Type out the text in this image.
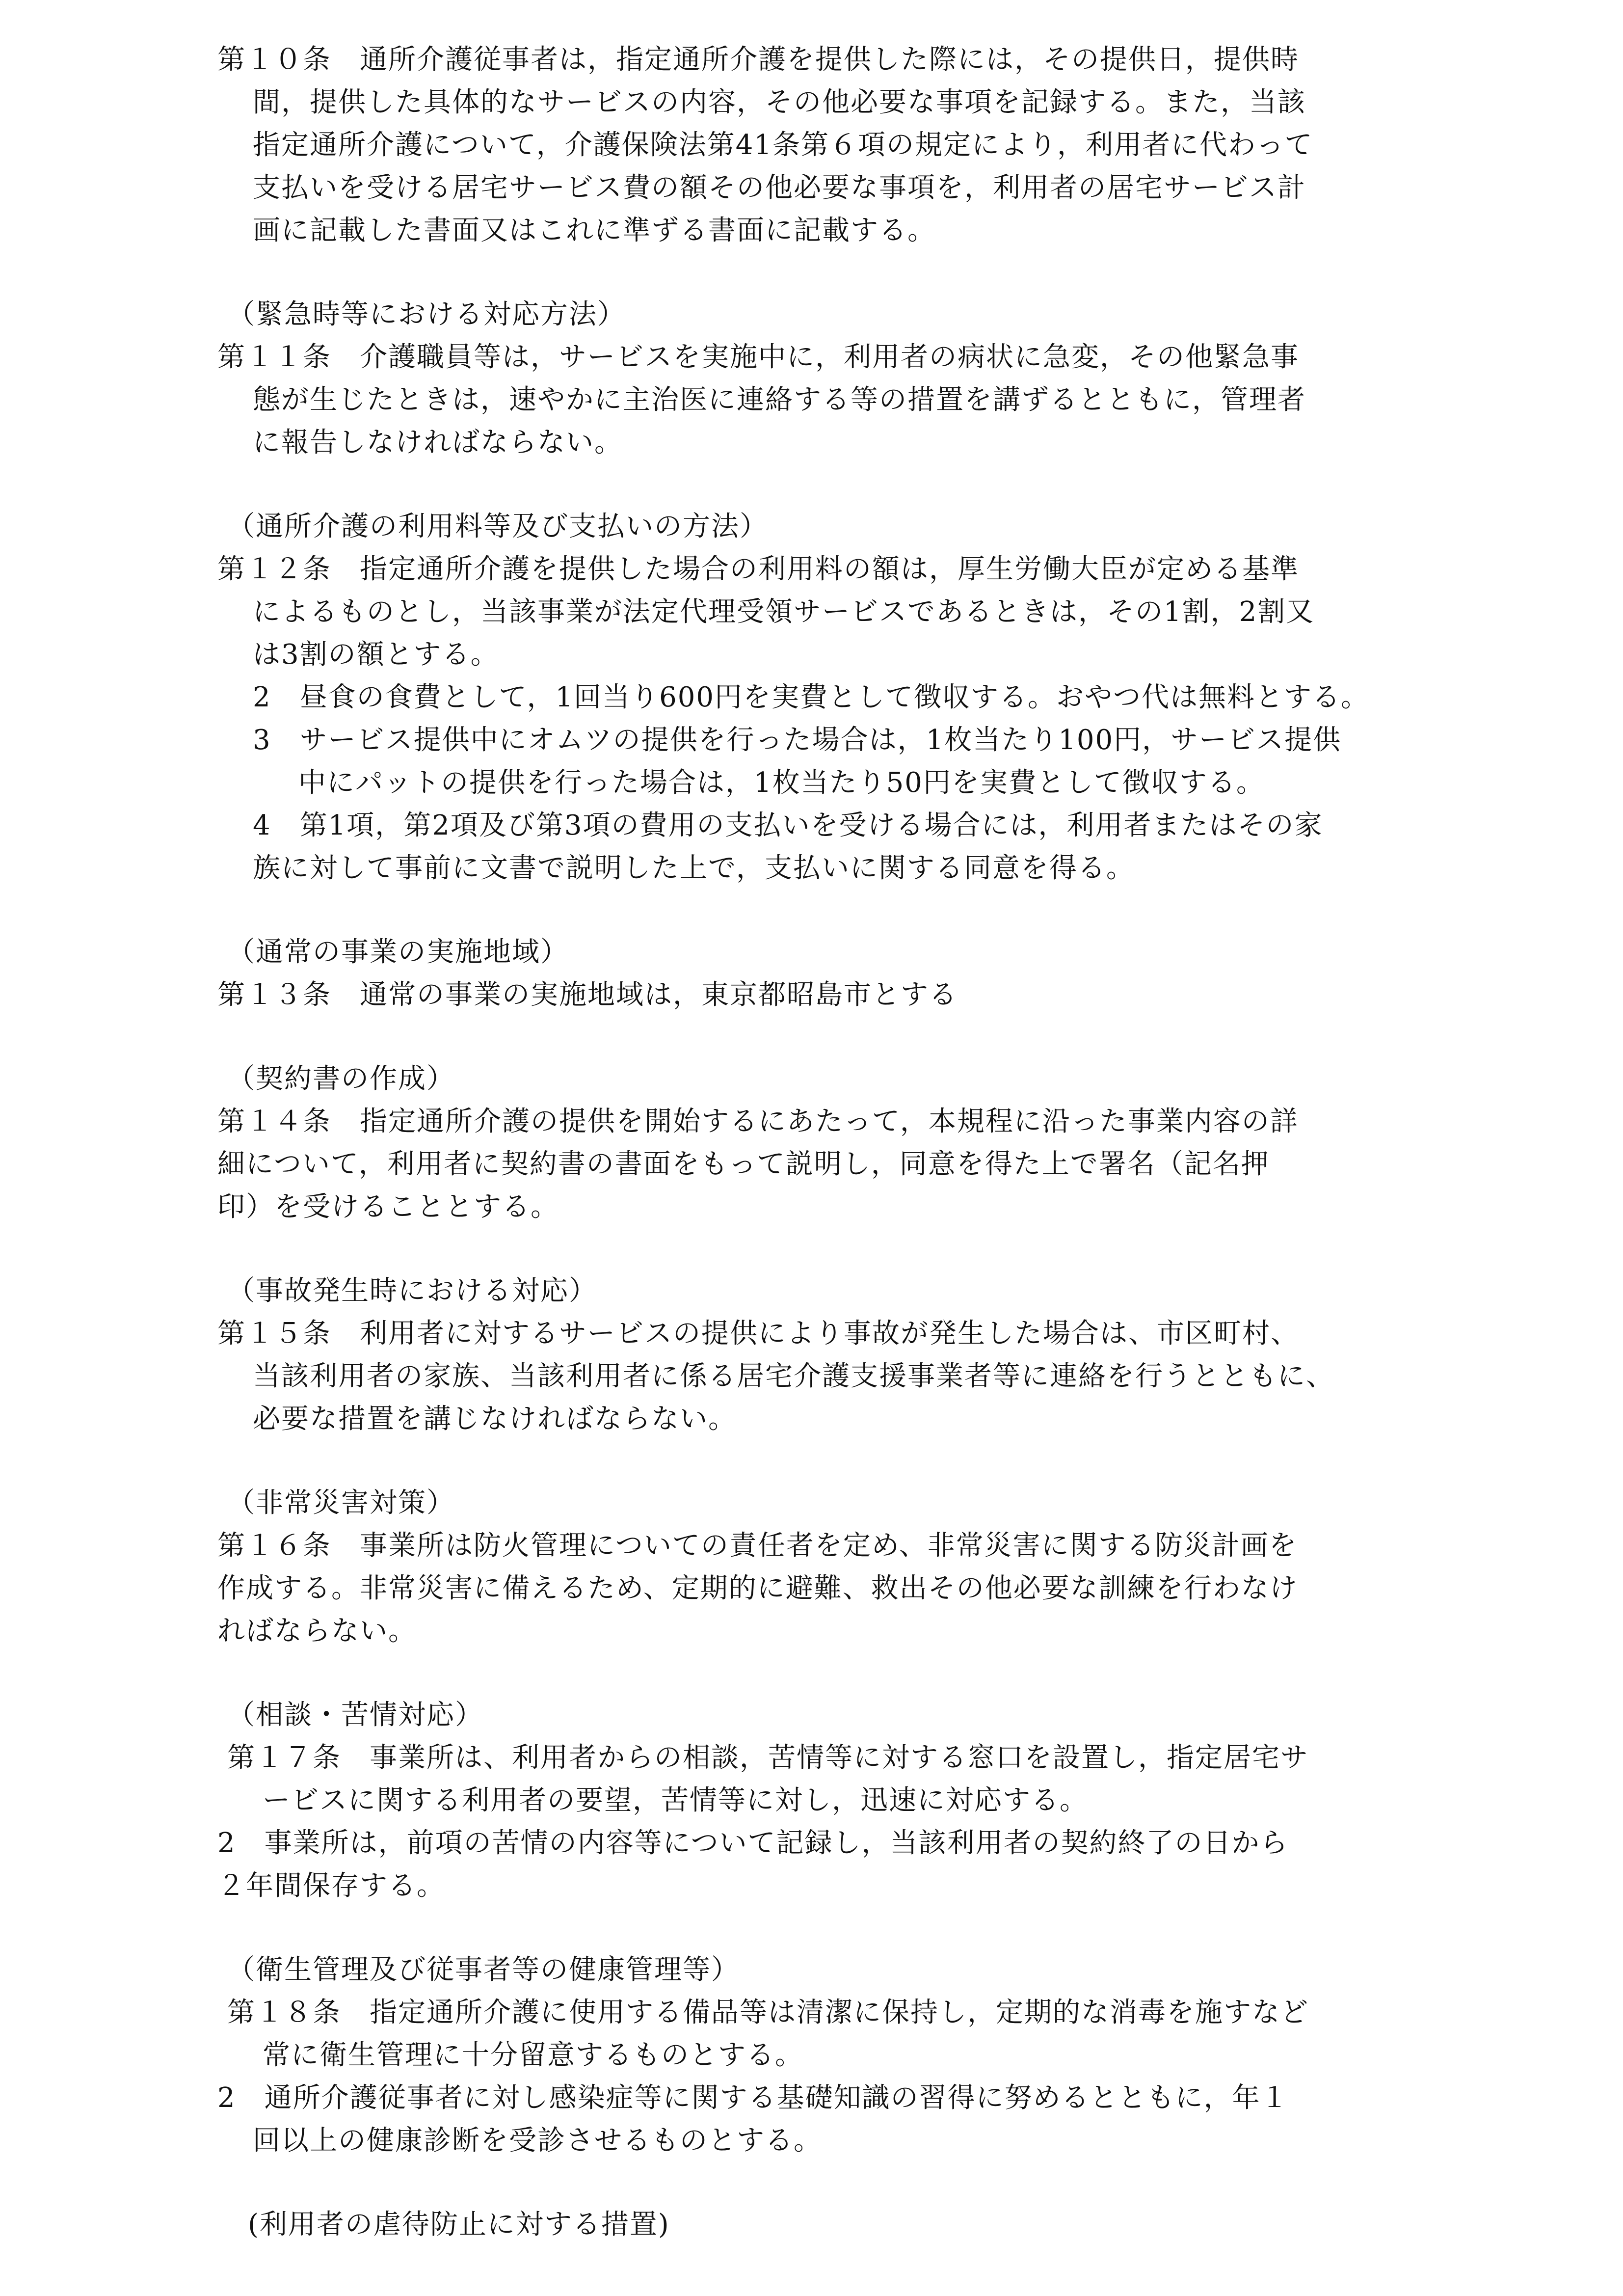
第１０条　通所介護従事者は，指定通所介護を提供した際には，その提供日，提供時
間，提供した具体的なサービスの内容，その他必要な事項を記録する。また，当該
指定通所介護について，介護保険法第41条第６項の規定により，利用者に代わって
支払いを受ける居宅サービス費の額その他必要な事項を，利用者の居宅サービス計
画に記載した書面又はこれに準ずる書面に記載する。
（緊急時等における対応方法）
第１１条　介護職員等は，サービスを実施中に，利用者の病状に急変，その他緊急事
態が生じたときは，速やかに主治医に連絡する等の措置を講ずるとともに，管理者
に報告しなければならない。
（通所介護の利用料等及び支払いの方法）
第１２条　指定通所介護を提供した場合の利用料の額は，厚生労働大臣が定める基準
によるものとし，当該事業が法定代理受領サービスであるときは，その1割，2割又
は3割の額とする。
2　昼食の食費として，1回当り600円を実費として徴収する。おやつ代は無料とする。
3　サービス提供中にオムツの提供を行った場合は，1枚当たり100円，サービス提供
中にパットの提供を行った場合は，1枚当たり50円を実費として徴収する。
4　第1項，第2項及び第3項の費用の支払いを受ける場合には，利用者またはその家
族に対して事前に文書で説明した上で，支払いに関する同意を得る。
（通常の事業の実施地域）
第１３条　通常の事業の実施地域は，東京都昭島市とする
（契約書の作成）
第１４条　指定通所介護の提供を開始するにあたって，本規程に沿った事業内容の詳
細について，利用者に契約書の書面をもって説明し，同意を得た上で署名（記名押
印）を受けることとする。
（事故発生時における対応）
第１５条　利用者に対するサービスの提供により事故が発生した場合は、市区町村、
当該利用者の家族、当該利用者に係る居宅介護支援事業者等に連絡を行うとともに、
必要な措置を講じなければならない。
（非常災害対策）
第１６条　事業所は防火管理についての責任者を定め、非常災害に関する防災計画を
作成する。非常災害に備えるため、定期的に避難、救出その他必要な訓練を行わなけ
ればならない。
（相談・苦情対応）
第１７条　事業所は、利用者からの相談，苦情等に対する窓口を設置し，指定居宅サ
ービスに関する利用者の要望，苦情等に対し，迅速に対応する。
2　事業所は，前項の苦情の内容等について記録し，当該利用者の契約終了の日から
２年間保存する。
（衛生管理及び従事者等の健康管理等）
第１８条　指定通所介護に使用する備品等は清潔に保持し，定期的な消毒を施すなど
常に衛生管理に十分留意するものとする。
2　通所介護従事者に対し感染症等に関する基礎知識の習得に努めるとともに，年１
回以上の健康診断を受診させるものとする。
(利用者の虐待防止に対する措置)
